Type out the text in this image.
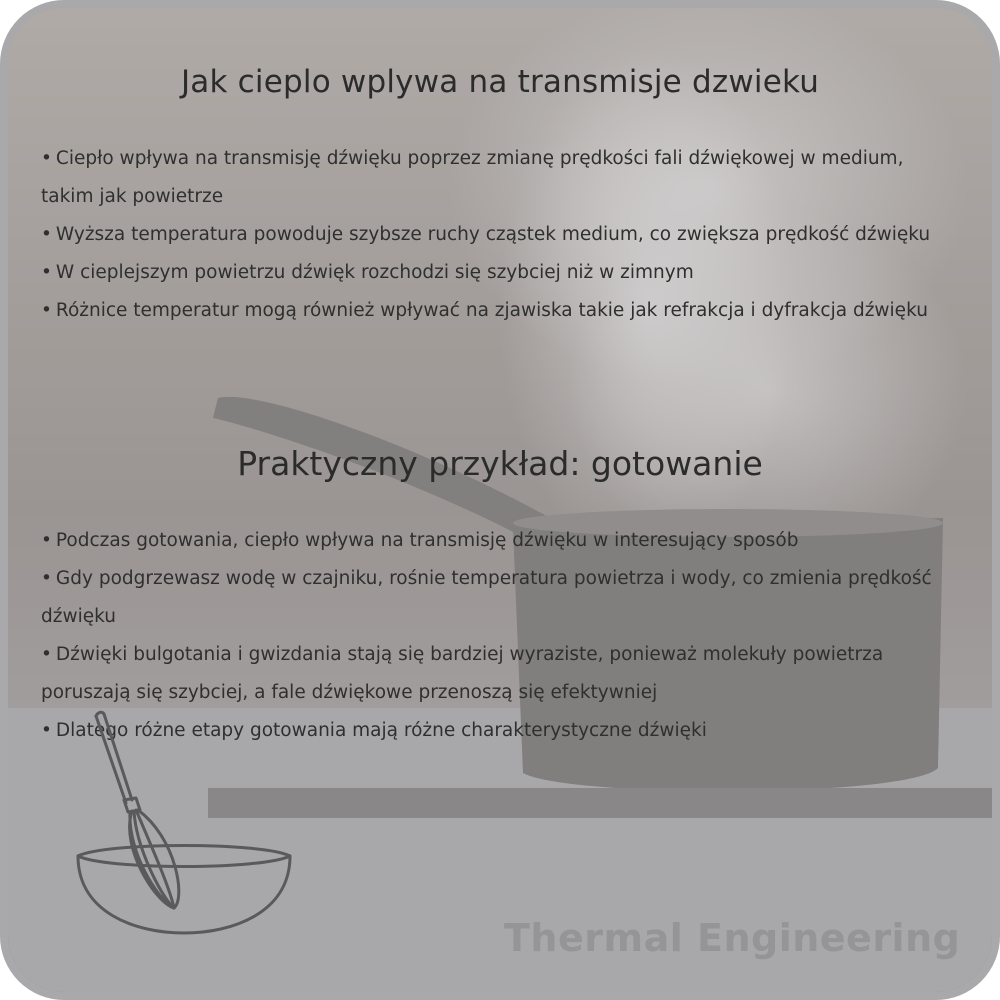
Jak cieplo wplywa na transmisje dzwieku
• Ciepło wpływa na transmisję dźwięku poprzez zmianę prędkości fali dźwiękowej w medium, takim jak powietrze
• Wyższa temperatura powoduje szybsze ruchy cząstek medium, co zwiększa prędkość dźwięku
• W cieplejszym powietrzu dźwięk rozchodzi się szybciej niż w zimnym
• Różnice temperatur mogą również wpływać na zjawiska takie jak refrakcja i dyfrakcja dźwięku
Praktyczny przykład: gotowanie
• Podczas gotowania, ciepło wpływa na transmisję dźwięku w interesujący sposób
• Gdy podgrzewasz wodę w czajniku, rośnie temperatura powietrza i wody, co zmienia prędkość dźwięku
• Dźwięki bulgotania i gwizdania stają się bardziej wyraziste, ponieważ molekuły powietrza poruszają się szybciej, a fale dźwiękowe przenoszą się efektywniej
• Dlatego różne etapy gotowania mają różne charakterystyczne dźwięki
Thermal Engineering
